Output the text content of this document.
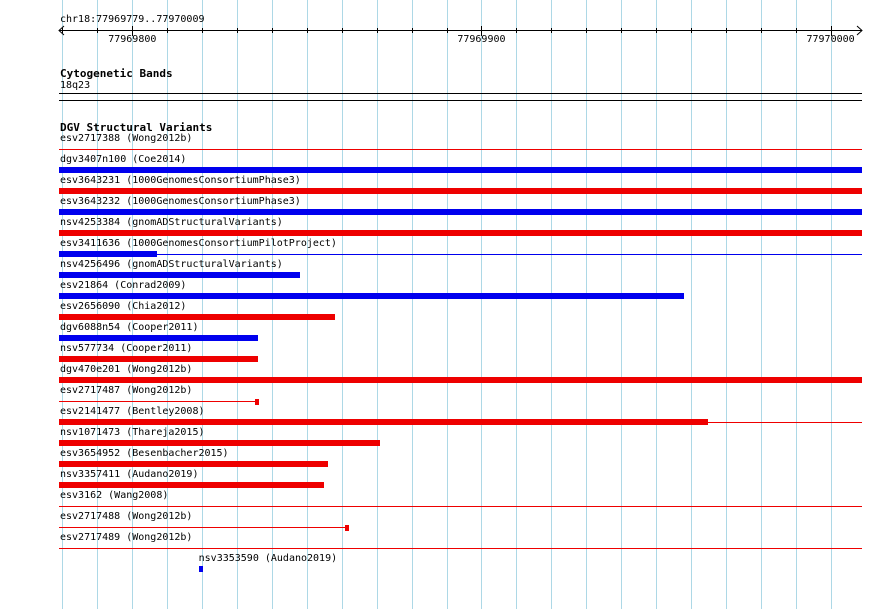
chr18:77969779..77970009
77969800	77969900	77970000
Cytogenetic Bands
18q23
DGV Structural Variants
esv2717388 (Wong2012b)
dgv3407n100 (Coe2014)
esv3643231 (1000GenomesConsortiumPhase3)
esv3643232 (1000GenomesConsortiumPhase3)
nsv4253384 (gnomADStructuralVariants)
esv3411636 (1000GenomesConsortiumPilotProject)
nsv4256496 (gnomADStructuralVariants)
esv21864 (Conrad2009)
esv2656090 (Chia2012)
dgv6088n54 (Cooper2011)
nsv577734 (Cooper2011)
dgv470e201 (Wong2012b)
esv2717487 (Wong2012b)
esv2141477 (Bentley2008)
nsv1071473 (Thareja2015)
esv3654952 (Besenbacher2015)
nsv3357411 (Audano2019)
esv3162 (Wang2008)
esv2717488 (Wong2012b)
esv2717489 (Wong2012b)
nsv3353590 (Audano2019)
